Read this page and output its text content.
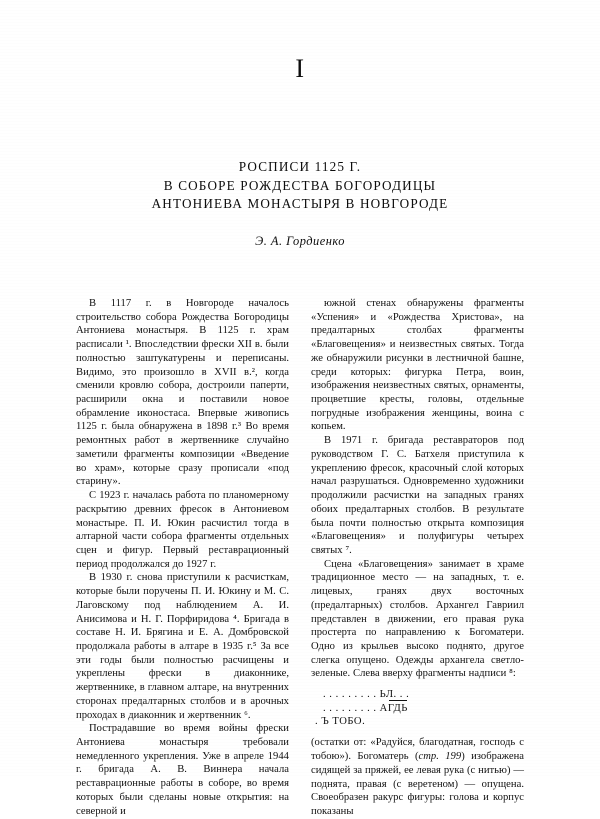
I
РОСПИСИ 1125 Г.
В СОБОРЕ РОЖДЕСТВА БОГОРОДИЦЫ
АНТОНИЕВА МОНАСТЫРЯ В НОВГОРОДЕ
Э. А. Гордиенко

В 1117 г. в Новгороде началось строительство собора Рождества Богородицы Антониева монастыря. В 1125 г. храм расписали ¹. Впоследствии фрески XII в. были полностью заштукатурены и переписаны. Видимо, это произошло в XVII в.², когда сменили кровлю собора, достроили паперти, расширили окна и поставили новое обрамление иконостаса. Впервые живопись 1125 г. была обнаружена в 1898 г.³ Во время ремонтных работ в жертвеннике случайно заметили фрагменты композиции «Введение во храм», которые сразу прописали «под старину».

С 1923 г. началась работа по планомерному раскрытию древних фресок в Антониевом монастыре. П. И. Юкин расчистил тогда в алтарной части собора фрагменты отдельных сцен и фигур. Первый реставрационный период продолжался до 1927 г.

В 1930 г. снова приступили к расчисткам, которые были поручены П. И. Юкину и М. С. Лаговскому под наблюдением А. И. Анисимова и Н. Г. Порфиридова ⁴. Бригада в составе Н. И. Брягина и Е. А. Домбровской продолжала работы в алтаре в 1935 г.⁵ За все эти годы были полностью расчищены и укреплены фрески в диаконнике, жертвеннике, в главном алтаре, на внутренних сторонах предалтарных столбов и в арочных проходах в диаконник и жертвенник ⁶.

Пострадавшие во время войны фрески Антониева монастыря требовали немедленного укрепления. Уже в апреле 1944 г. бригада А. В. Виннера начала реставрационные работы в соборе, во время которых были сделаны новые открытия: на северной и

южной стенах обнаружены фрагменты «Успения» и «Рождества Христова», на предалтарных столбах фрагменты «Благовещения» и неизвестных святых. Тогда же обнаружили рисунки в лестничной башне, среди которых: фигурка Петра, воин, изображения неизвестных святых, орнаменты, процветшие кресты, головы, отдельные погрудные изображения женщины, воина с копьем.

В 1971 г. бригада реставраторов под руководством Г. С. Батхеля приступила к укреплению фресок, красочный слой которых начал разрушаться. Одновременно художники продолжили расчистки на западных гранях обоих предалтарных столбов. В результате была почти полностью открыта композиция «Благовещения» и полуфигуры четырех святых ⁷.

Сцена «Благовещения» занимает в храме традиционное место — на западных, т. е. лицевых, гранях двух восточных (предалтарных) столбов. Архангел Гавриил представлен в движении, его правая рука простерта по направлению к Богоматери. Одно из крыльев высоко поднято, другое слегка опущено. Одежды архангела светло-зеленые. Слева вверху фрагменты надписи ⁸:

. . . . . . . . . ЬЛ. . .
. . . . . . . . . АГДЬ
. Ъ ТОБО.

(остатки от: «Радуйся, благодатная, господь с тобою»). Богоматерь (стр. 199) изображена сидящей за пряжей, ее левая рука (с нитью) — поднята, правая (с веретеном) — опущена. Своеобразен ракурс фигуры: голова и корпус показаны
